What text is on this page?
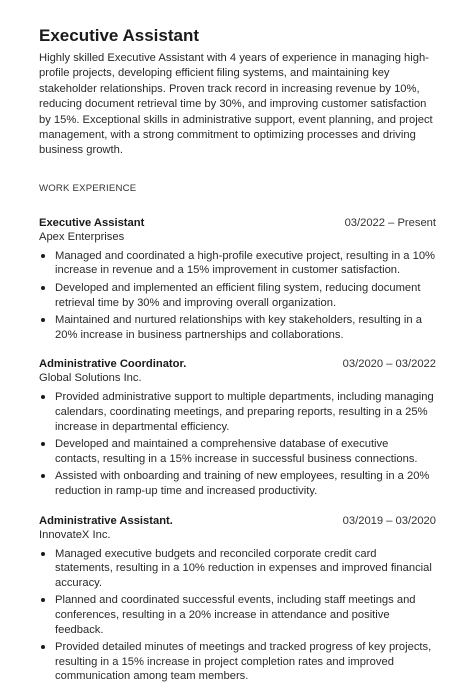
Executive Assistant

Highly skilled Executive Assistant with 4 years of experience in managing high-profile projects, developing efficient filing systems, and maintaining key stakeholder relationships. Proven track record in increasing revenue by 10%, reducing document retrieval time by 30%, and improving customer satisfaction by 15%. Exceptional skills in administrative support, event planning, and project management, with a strong commitment to optimizing processes and driving business growth.

WORK EXPERIENCE
Executive Assistant	03/2022 – Present
Apex Enterprises
Managed and coordinated a high-profile executive project, resulting in a 10% increase in revenue and a 15% improvement in customer satisfaction.
Developed and implemented an efficient filing system, reducing document retrieval time by 30% and improving overall organization.
Maintained and nurtured relationships with key stakeholders, resulting in a 20% increase in business partnerships and collaborations.
Administrative Coordinator.	03/2020 – 03/2022
Global Solutions Inc.
Provided administrative support to multiple departments, including managing calendars, coordinating meetings, and preparing reports, resulting in a 25% increase in departmental efficiency.
Developed and maintained a comprehensive database of executive contacts, resulting in a 15% increase in successful business connections.
Assisted with onboarding and training of new employees, resulting in a 20% reduction in ramp-up time and increased productivity.
Administrative Assistant.	03/2019 – 03/2020
InnovateX Inc.
Managed executive budgets and reconciled corporate credit card statements, resulting in a 10% reduction in expenses and improved financial accuracy.
Planned and coordinated successful events, including staff meetings and conferences, resulting in a 20% increase in attendance and positive feedback.
Provided detailed minutes of meetings and tracked progress of key projects, resulting in a 15% increase in project completion rates and improved communication among team members.
